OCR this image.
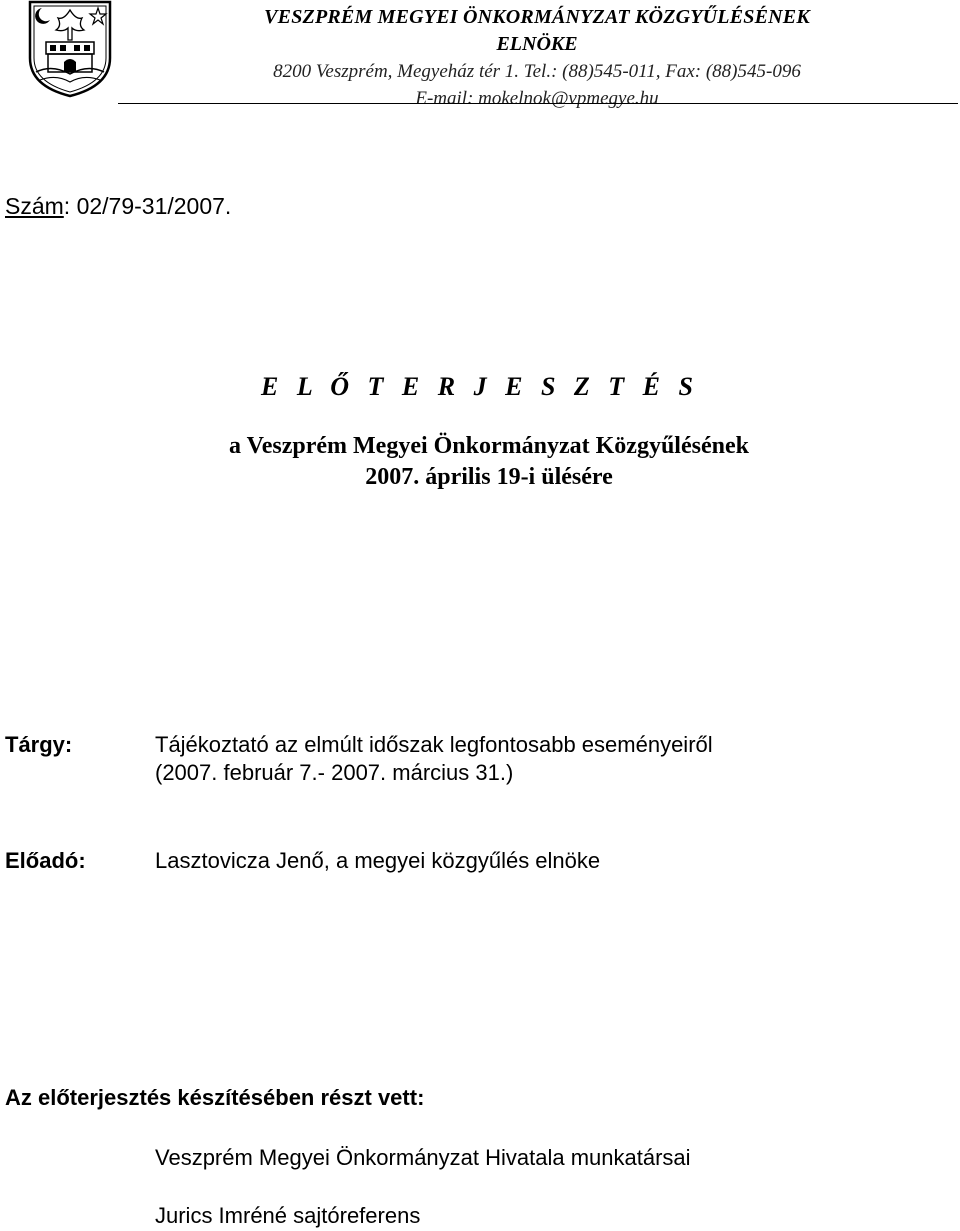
VESZPRÉM MEGYEI ÖNKORMÁNYZAT KÖZGYŰLÉSÉNEK
ELNÖKE
8200 Veszprém, Megyeház tér 1. Tel.: (88)545-011, Fax: (88)545-096
E-mail: mokelnok@vpmegye.hu
Szám: 02/79-31/2007.
E L Ő T E R J E S Z T É S
a Veszprém Megyei Önkormányzat Közgyűlésének
2007. április 19-i ülésére
Tárgy:	Tájékoztató az elmúlt időszak legfontosabb eseményeiről
(2007. február 7.- 2007. március 31.)
Előadó:	Lasztovicza Jenő, a megyei közgyűlés elnöke
Az előterjesztés készítésében részt vett:
Veszprém Megyei Önkormányzat Hivatala munkatársai
Jurics Imréné sajtóreferens
